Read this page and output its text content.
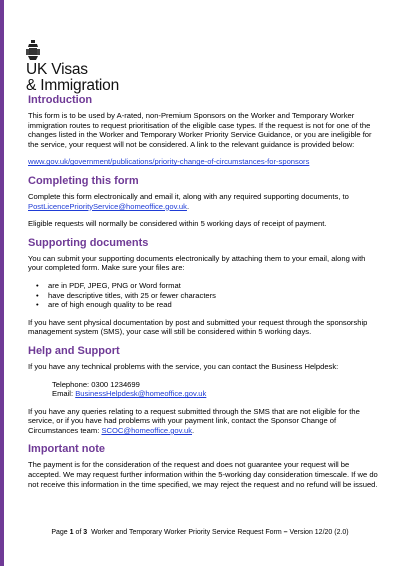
UK Visas
& Immigration
Introduction

This form is to be used by A-rated, non-Premium Sponsors on the Worker and Temporary Worker immigration routes to request prioritisation of the eligible case types. If the request is not for one of the changes listed in the Worker and Temporary Worker Priority Service Guidance, or you are ineligible for the service, your request will not be considered. A link to the relevant guidance is provided below:

www.gov.uk/government/publications/priority-change-of-circumstances-for-sponsors

Completing this form

Complete this form electronically and email it, along with any required supporting documents, to PostLicencePriorityService@homeoffice.gov.uk.

Eligible requests will normally be considered within 5 working days of receipt of payment.

Supporting documents

You can submit your supporting documents electronically by attaching them to your email, along with your completed form. Make sure your files are:

• are in PDF, JPEG, PNG or Word format
• have descriptive titles, with 25 or fewer characters
• are of high enough quality to be read

If you have sent physical documentation by post and submitted your request through the sponsorship management system (SMS), your case will still be considered within 5 working days.

Help and Support

If you have any technical problems with the service, you can contact the Business Helpdesk:

Telephone: 0300 1234699

Email: BusinessHelpdesk@homeoffice.gov.uk

If you have any queries relating to a request submitted through the SMS that are not eligible for the service, or if you have had problems with your payment link, contact the Sponsor Change of Circumstances team: SCOC@homeoffice.gov.uk.

Important note

The payment is for the consideration of the request and does not guarantee your request will be accepted. We may request further information within the 5-working day consideration timescale. If we do not receive this information in the time specified, we may reject the request and no refund will be issued.

Page 1 of 3  Worker and Temporary Worker Priority Service Request Form – Version 12/20 (2.0)
